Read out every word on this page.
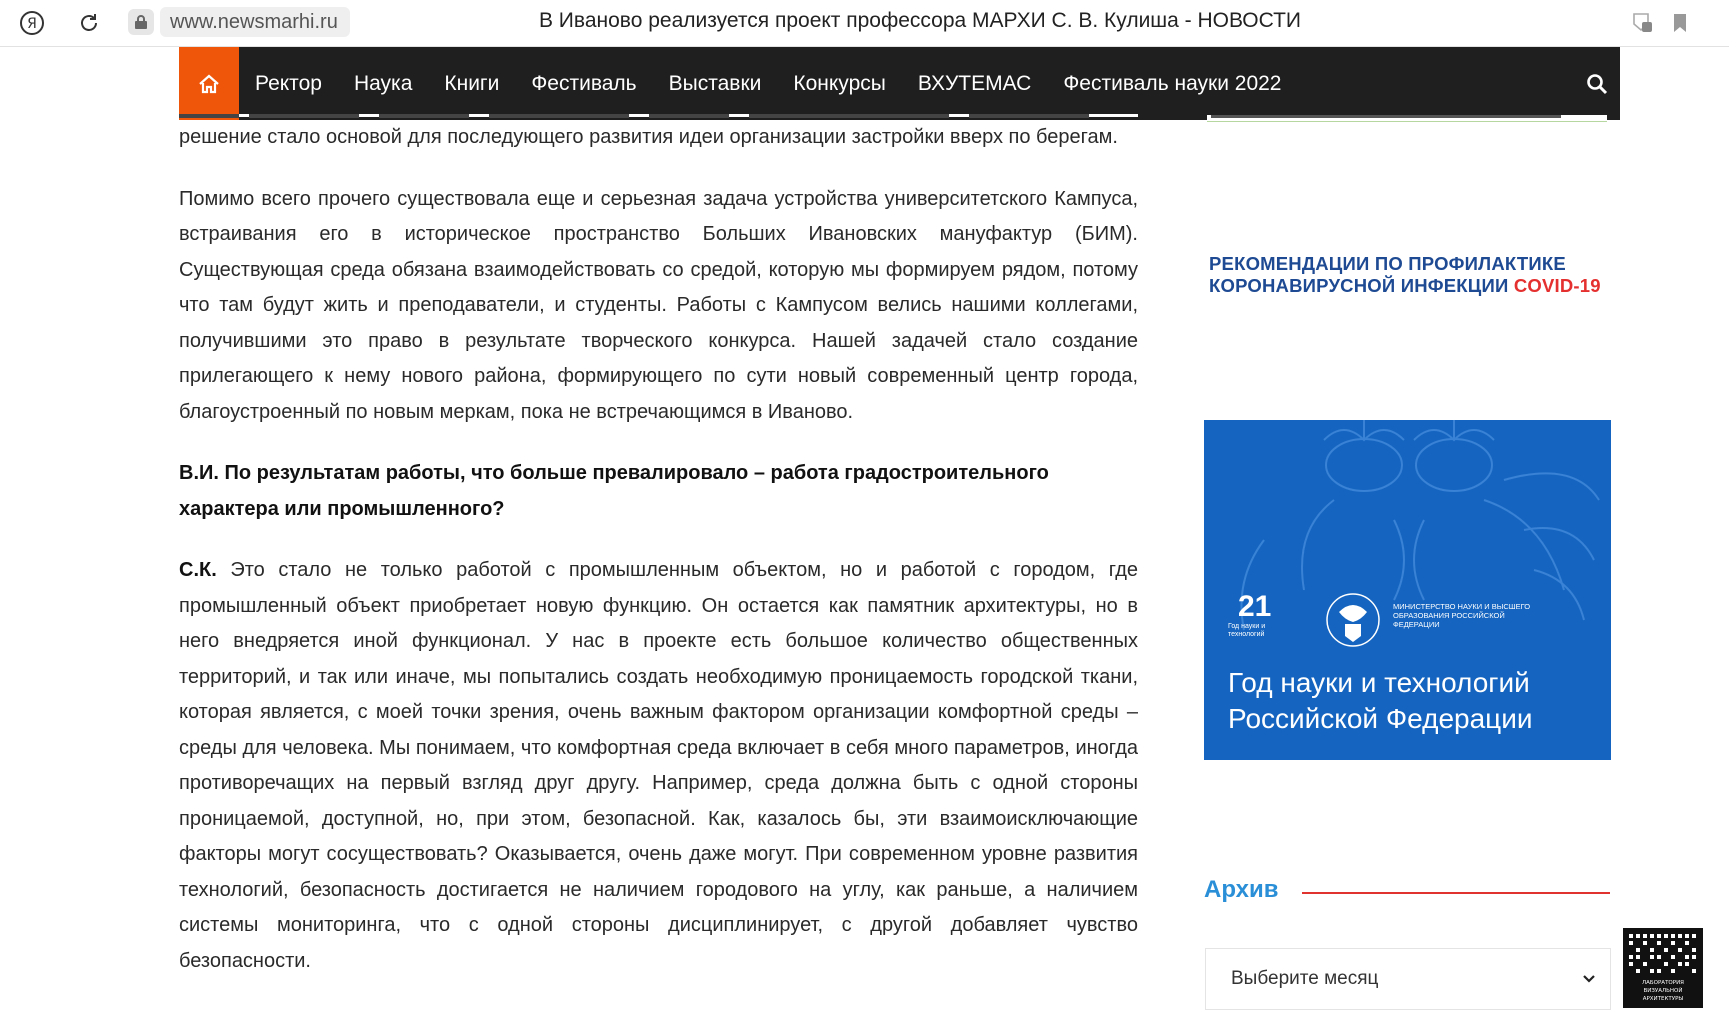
Я	www.newsmarhi.ru	В Иваново реализуется проект профессора МАРХИ С. В. Кулиша - НОВОСТИ
Ректор	Наука	Книги	Фестиваль	Выставки	Конкурсы	ВХУТЕМАС	Фестиваль науки 2022

решение стало основой для последующего развития идеи организации застройки вверх по берегам.

Помимо всего прочего существовала еще и серьезная задача устройства университетского Кампуса, встраивания его в историческое пространство Больших Ивановских мануфактур (БИМ). Существующая среда обязана взаимодействовать со средой, которую мы формируем рядом, потому что там будут жить и преподаватели, и студенты. Работы с Кампусом велись нашими коллегами, получившими это право в результате творческого конкурса. Нашей задачей стало создание прилегающего к нему нового района, формирующего по сути новый современный центр города, благоустроенный по новым меркам, пока не встречающимся в Иваново.

В.И. По результатам работы, что больше превалировало – работа градостроительного характера или промышленного?

С.К. Это стало не только работой с промышленным объектом, но и работой с городом, где промышленный объект приобретает новую функцию. Он остается как памятник архитектуры, но в него внедряется иной функционал. У нас в проекте есть большое количество общественных территорий, и так или иначе, мы попытались создать необходимую проницаемость городской ткани, которая является, с моей точки зрения, очень важным фактором организации комфортной среды – среды для человека. Мы понимаем, что комфортная среда включает в себя много параметров, иногда противоречащих на первый взгляд друг другу. Например, среда должна быть с одной стороны проницаемой, доступной, но, при этом, безопасной. Как, казалось бы, эти взаимоисключающие факторы могут сосуществовать? Оказывается, очень даже могут. При современном уровне развития технологий, безопасность достигается не наличием городового на углу, как раньше, а наличием системы мониторинга, что с одной стороны дисциплинирует, с другой добавляет чувство безопасности.

РЕКОМЕНДАЦИИ ПО ПРОФИЛАКТИКЕ
КОРОНАВИРУСНОЙ ИНФЕКЦИИ COVID-19
21
Год науки и технологий
МИНИСТЕРСТВО НАУКИ И ВЫСШЕГО ОБРАЗОВАНИЯ РОССИЙСКОЙ ФЕДЕРАЦИИ
Год науки и технологий
Российской Федерации
Архив
Выберите месяц	ЛАБОРАТОРИЯ
ВИЗУАЛЬНОЙ
АРХИТЕКТУРЫ
